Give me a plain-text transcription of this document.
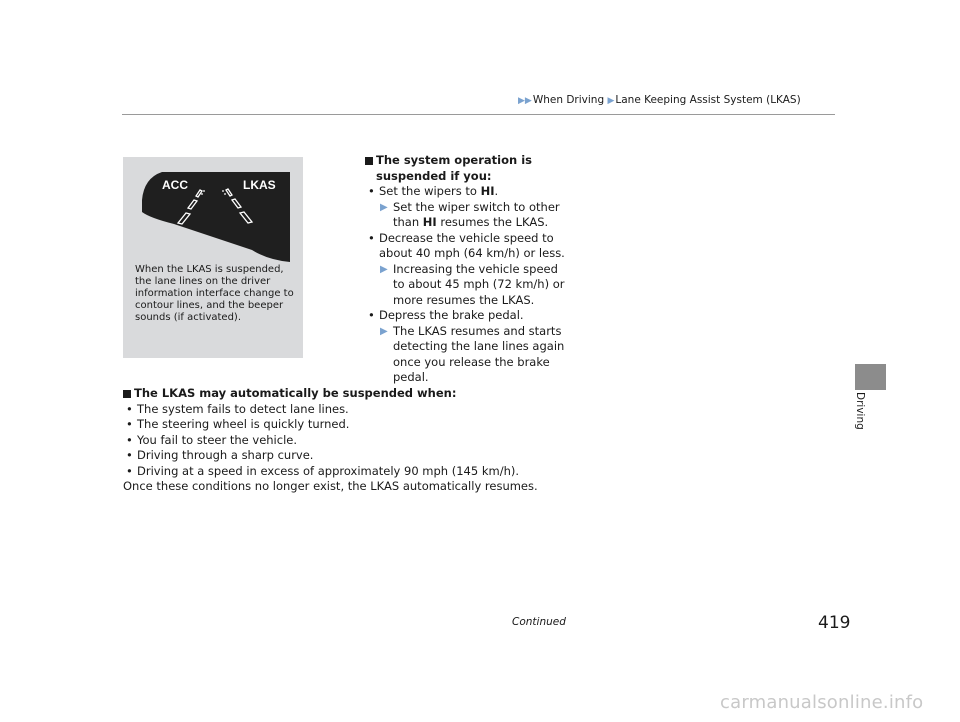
▶▶When Driving ▶Lane Keeping Assist System (LKAS)
Driving
ACC	LKAS
When the LKAS is suspended, the lane lines on the driver information interface change to contour lines, and the beeper sounds (if activated).
The system operation is suspended if you:
• Set the wipers to HI.
▶ Set the wiper switch to other than HI resumes the LKAS.
• Decrease the vehicle speed to about 40 mph (64 km/h) or less.
▶ Increasing the vehicle speed to about 45 mph (72 km/h) or more resumes the LKAS.
• Depress the brake pedal.
▶ The LKAS resumes and starts detecting the lane lines again once you release the brake pedal.
The LKAS may automatically be suspended when:
• The system fails to detect lane lines.
• The steering wheel is quickly turned.
• You fail to steer the vehicle.
• Driving through a sharp curve.
• Driving at a speed in excess of approximately 90 mph (145 km/h).
Once these conditions no longer exist, the LKAS automatically resumes.
Continued	419
carmanualsonline.info
